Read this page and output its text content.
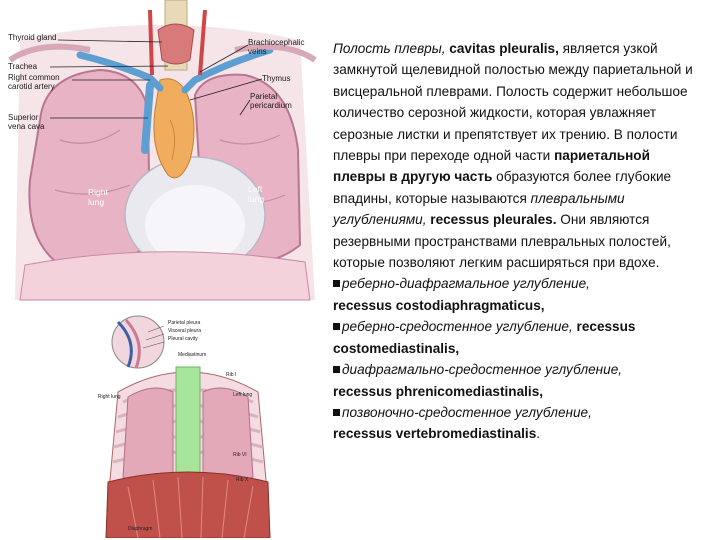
Thyroid gland
Trachea
Right common carotid artery
Superior vena cava
Brachiocephalic veins
Thymus
Parietal pericardium
Right lung
Left lung
Parietal pleura
Visceral pleura
Pleural cavity
Mediastinum
Rib I
Right lung	Left lung
Rib VI
Rib X
Diaphragm

Полость плевры, cavitas pleuralis, является узкой замкнутой щелевидной полостью между париетальной и висцеральной плеврами. Полость содержит небольшое количество серозной жидкости, которая увлажняет серозные листки и препятствует их трению. В полости плевры при переходе одной части париетальной плевры в другую часть образуются более глубокие впадины, которые называются плевральными углублениями, recessus pleurales. Они являются резервными пространствами плевральных полостей, которые позволяют легким расширяться при вдохе.

реберно-диафрагмальное углубление,
recessus costodiaphragmaticus,

реберно-средостенное углубление, recessus costomediastinalis,

диафрагмально-средостенное углубление,
recessus phrenicomediastinalis,

позвоночно-средостенное углубление,
recessus vertebromediastinalis.
